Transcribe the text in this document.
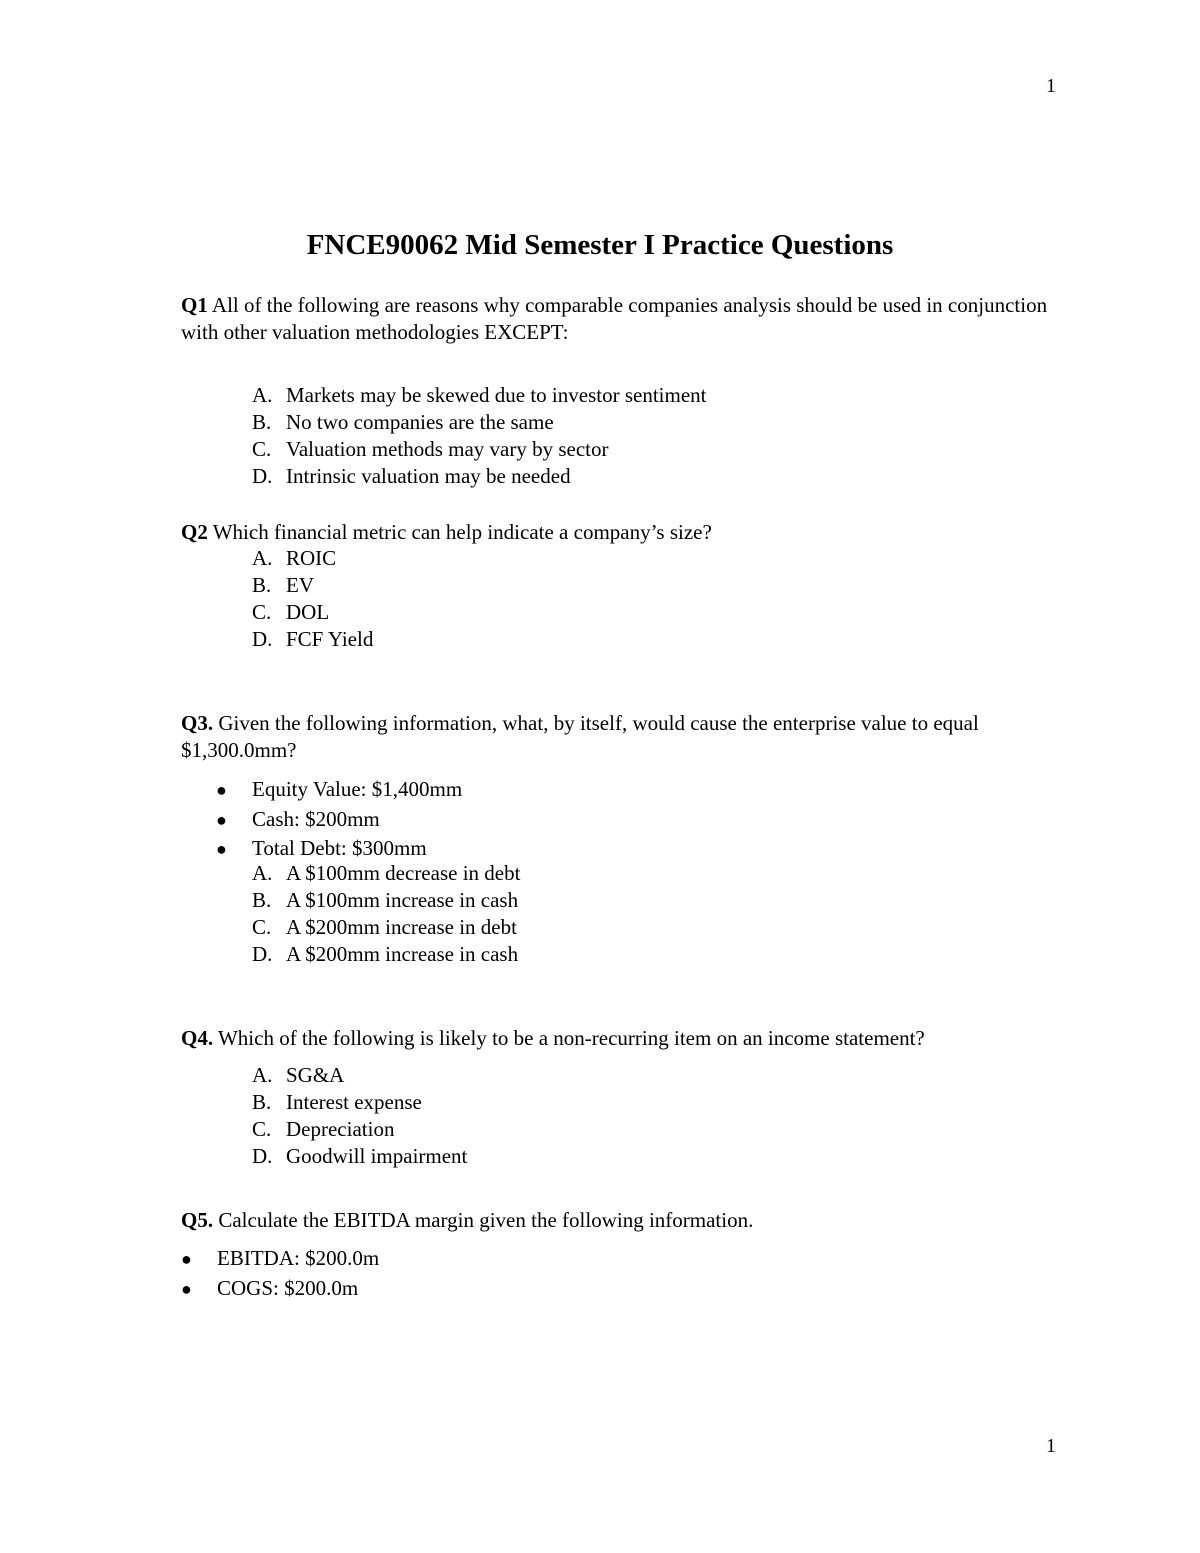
1
FNCE90062 Mid Semester I Practice Questions
Q1 All of the following are reasons why comparable companies analysis should be used in conjunction with other valuation methodologies EXCEPT:
A. Markets may be skewed due to investor sentiment
B. No two companies are the same
C. Valuation methods may vary by sector
D. Intrinsic valuation may be needed
Q2 Which financial metric can help indicate a company’s size?
A. ROIC
B. EV
C. DOL
D. FCF Yield
Q3. Given the following information, what, by itself, would cause the enterprise value to equal $1,300.0mm?
● Equity Value: $1,400mm
● Cash: $200mm
● Total Debt: $300mm
A. A $100mm decrease in debt
B. A $100mm increase in cash
C. A $200mm increase in debt
D. A $200mm increase in cash
Q4. Which of the following is likely to be a non-recurring item on an income statement?
A. SG&A
B. Interest expense
C. Depreciation
D. Goodwill impairment
Q5. Calculate the EBITDA margin given the following information.
● EBITDA: $200.0m
● COGS: $200.0m
1
